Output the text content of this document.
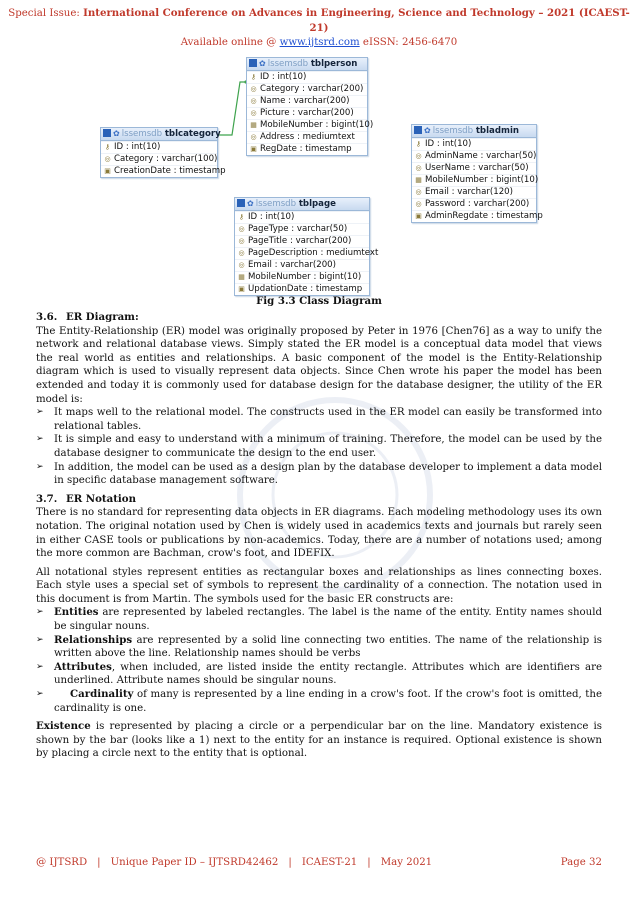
Special Issue: International Conference on Advances in Engineering, Science and Technology – 2021 (ICAEST-21)
Available online @ www.ijtsrd.com eISSN: 2456-6470
✿ lssemsdb tblperson
⚷ ID : int(10)
◎ Category : varchar(200)
◎ Name : varchar(200)
◎ Picture : varchar(200)
▦ MobileNumber : bigint(10)
◎ Address : mediumtext
▣ RegDate : timestamp
✿ lssemsdb tblcategory
⚷ ID : int(10)
◎ Category : varchar(100)
▣ CreationDate : timestamp
✿ lssemsdb tbladmin
⚷ ID : int(10)
◎ AdminName : varchar(50)
◎ UserName : varchar(50)
▦ MobileNumber : bigint(10)
◎ Email : varchar(120)
◎ Password : varchar(200)
▣ AdminRegdate : timestamp
✿ lssemsdb tblpage
⚷ ID : int(10)
◎ PageType : varchar(50)
◎ PageTitle : varchar(200)
◎ PageDescription : mediumtext
◎ Email : varchar(200)
▦ MobileNumber : bigint(10)
▣ UpdationDate : timestamp
Fig 3.3 Class Diagram
3.6. ER Diagram:

The Entity-Relationship (ER) model was originally proposed by Peter in 1976 [Chen76] as a way to unify the network and relational database views. Simply stated the ER model is a conceptual data model that views the real world as entities and relationships. A basic component of the model is the Entity-Relationship diagram which is used to visually represent data objects. Since Chen wrote his paper the model has been extended and today it is commonly used for database design for the database designer, the utility of the ER model is:

➢ It maps well to the relational model. The constructs used in the ER model can easily be transformed into relational tables.
➢ It is simple and easy to understand with a minimum of training. Therefore, the model can be used by the database designer to communicate the design to the end user.
➢ In addition, the model can be used as a design plan by the database developer to implement a data model in specific database management software.
3.7. ER Notation

There is no standard for representing data objects in ER diagrams. Each modeling methodology uses its own notation. The original notation used by Chen is widely used in academics texts and journals but rarely seen in either CASE tools or publications by non-academics. Today, there are a number of notations used; among the more common are Bachman, crow's foot, and IDEFIX.

All notational styles represent entities as rectangular boxes and relationships as lines connecting boxes. Each style uses a special set of symbols to represent the cardinality of a connection. The notation used in this document is from Martin. The symbols used for the basic ER constructs are:

➢ Entities are represented by labeled rectangles. The label is the name of the entity. Entity names should be singular nouns.
➢ Relationships are represented by a solid line connecting two entities. The name of the relationship is written above the line. Relationship names should be verbs
➢ Attributes, when included, are listed inside the entity rectangle. Attributes which are identifiers are underlined. Attribute names should be singular nouns.
➢	Cardinality of many is represented by a line ending in a crow's foot. If the crow's foot is omitted, the cardinality is one.

Existence is represented by placing a circle or a perpendicular bar on the line. Mandatory existence is shown by the bar (looks like a 1) next to the entity for an instance is required. Optional existence is shown by placing a circle next to the entity that is optional.

@ IJTSRD | Unique Paper ID – IJTSRD42462 | ICAEST-21 | May 2021	Page 32
